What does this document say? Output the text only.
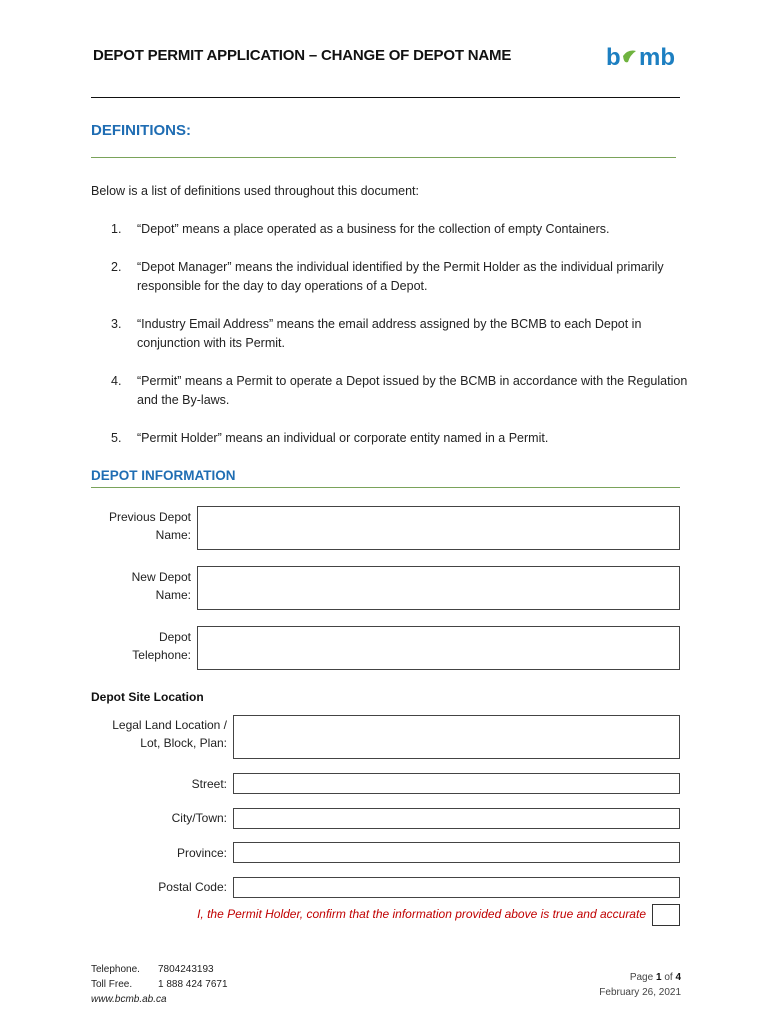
DEPOT PERMIT APPLICATION – CHANGE OF DEPOT NAME	b mb
DEFINITIONS:
Below is a list of definitions used throughout this document:
1. “Depot” means a place operated as a business for the collection of empty Containers.
2. “Depot Manager” means the individual identified by the Permit Holder as the individual primarily responsible for the day to day operations of a Depot.
3. “Industry Email Address” means the email address assigned by the BCMB to each Depot in conjunction with its Permit.
4. “Permit” means a Permit to operate a Depot issued by the BCMB in accordance with the Regulation and the By-laws.
5. “Permit Holder” means an individual or corporate entity named in a Permit.
DEPOT INFORMATION
Previous Depot
Name:
New Depot
Name:
Depot
Telephone:
Depot Site Location
Legal Land Location /
Lot, Block, Plan:
Street:
City/Town:
Province:
Postal Code:
I, the Permit Holder, confirm that the information provided above is true and accurate
Telephone. 7804243193
Toll Free.	1 888 424 7671
www.bcmb.ab.ca
Page 1 of 4
February 26, 2021
